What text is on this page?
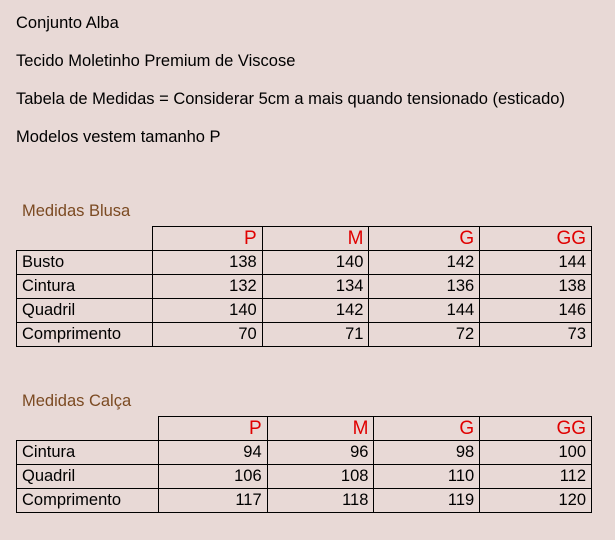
Conjunto Alba
Tecido Moletinho Premium de Viscose
Tabela de Medidas = Considerar 5cm a mais quando tensionado (esticado)
Modelos vestem tamanho P
Medidas Blusa
	P	M	G	GG
Busto	138	140	142	144
Cintura	132	134	136	138
Quadril	140	142	144	146
Comprimento	70	71	72	73
Medidas Calça
	P	M	G	GG
Cintura	94	96	98	100
Quadril	106	108	110	112
Comprimento	117	118	119	120
